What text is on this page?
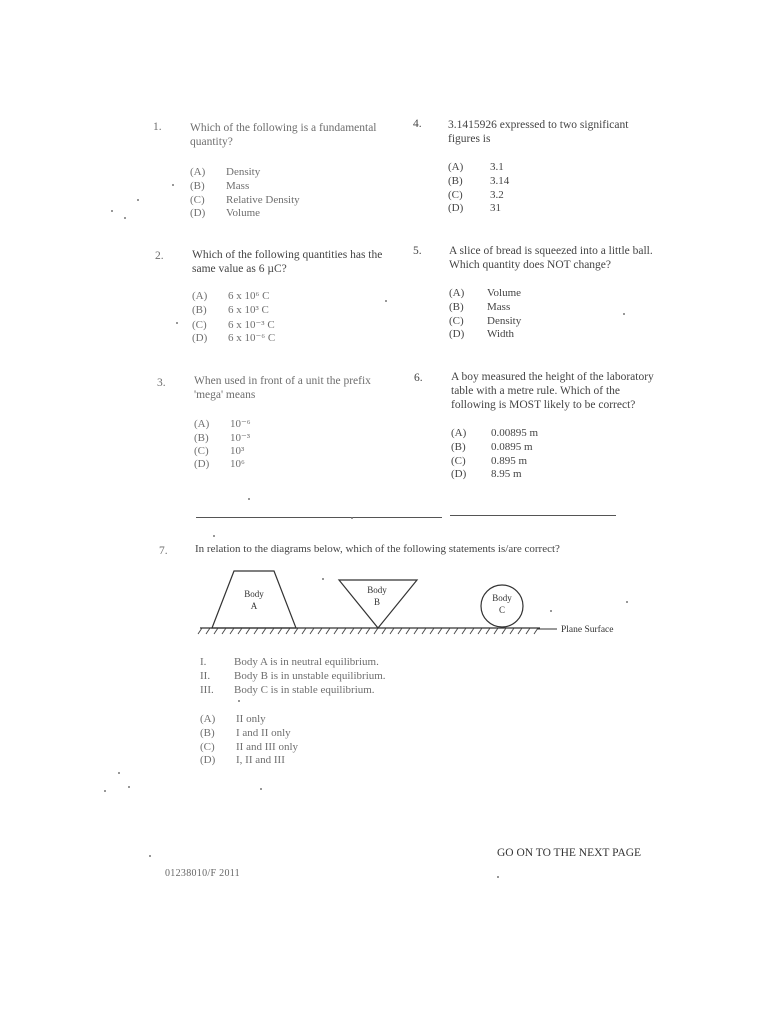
1. Which of the following is a fundamental quantity?
(A) Density
(B) Mass
(C) Relative Density
(D) Volume
4. 3.1415926 expressed to two significant figures is
(A) 3.1
(B) 3.14
(C) 3.2
(D) 31
2. Which of the following quantities has the same value as 6 µC?
(A) 6 x 10⁶ C
(B) 6 x 10³ C
(C) 6 x 10⁻³ C
(D) 6 x 10⁻⁶ C
5. A slice of bread is squeezed into a little ball. Which quantity does NOT change?
(A) Volume
(B) Mass
(C) Density
(D) Width
3. When used in front of a unit the prefix 'mega' means
(A) 10⁻⁶
(B) 10⁻³
(C) 10³
(D) 10⁶
6. A boy measured the height of the laboratory table with a metre rule. Which of the following is MOST likely to be correct?
(A) 0.00895 m
(B) 0.0895 m
(C) 0.895 m
(D) 8.95 m
7. In relation to the diagrams below, which of the following statements is/are correct?
Body
A
Body
B	Body
C
Plane Surface
I.	Body A is in neutral equilibrium.
II. Body B is in unstable equilibrium.
III. Body C is in stable equilibrium.
(A) II only
(B) I and II only
(C) II and III only
(D) I, II and III
GO ON TO THE NEXT PAGE
01238010/F 2011
